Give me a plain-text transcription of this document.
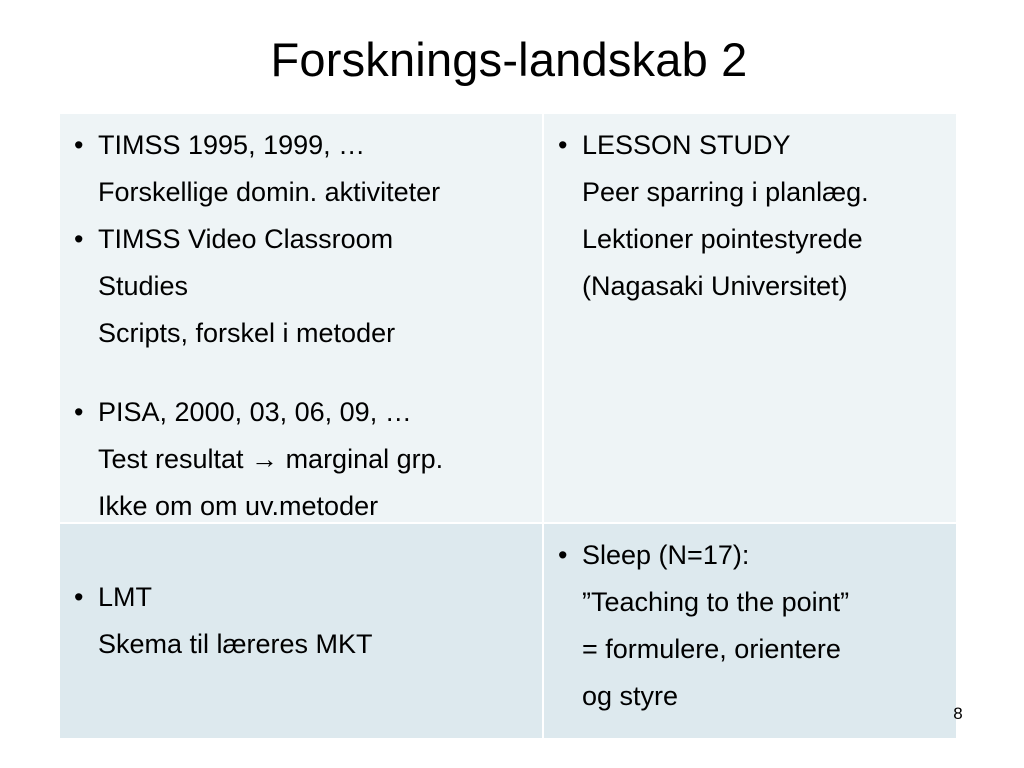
Forsknings-landskab 2
• TIMSS 1995, 1999, …
Forskellige domin. aktiviteter
• TIMSS Video Classroom
Studies
Scripts, forskel i metoder
• PISA, 2000, 03, 06, 09, …
Test resultat → marginal grp.
Ikke om om uv.metoder
• LESSON STUDY
Peer sparring i planlæg.
Lektioner pointestyrede
(Nagasaki Universitet)
• LMT
Skema til læreres MKT
• Sleep (N=17):
”Teaching to the point”
= formulere, orientere
og styre
8
